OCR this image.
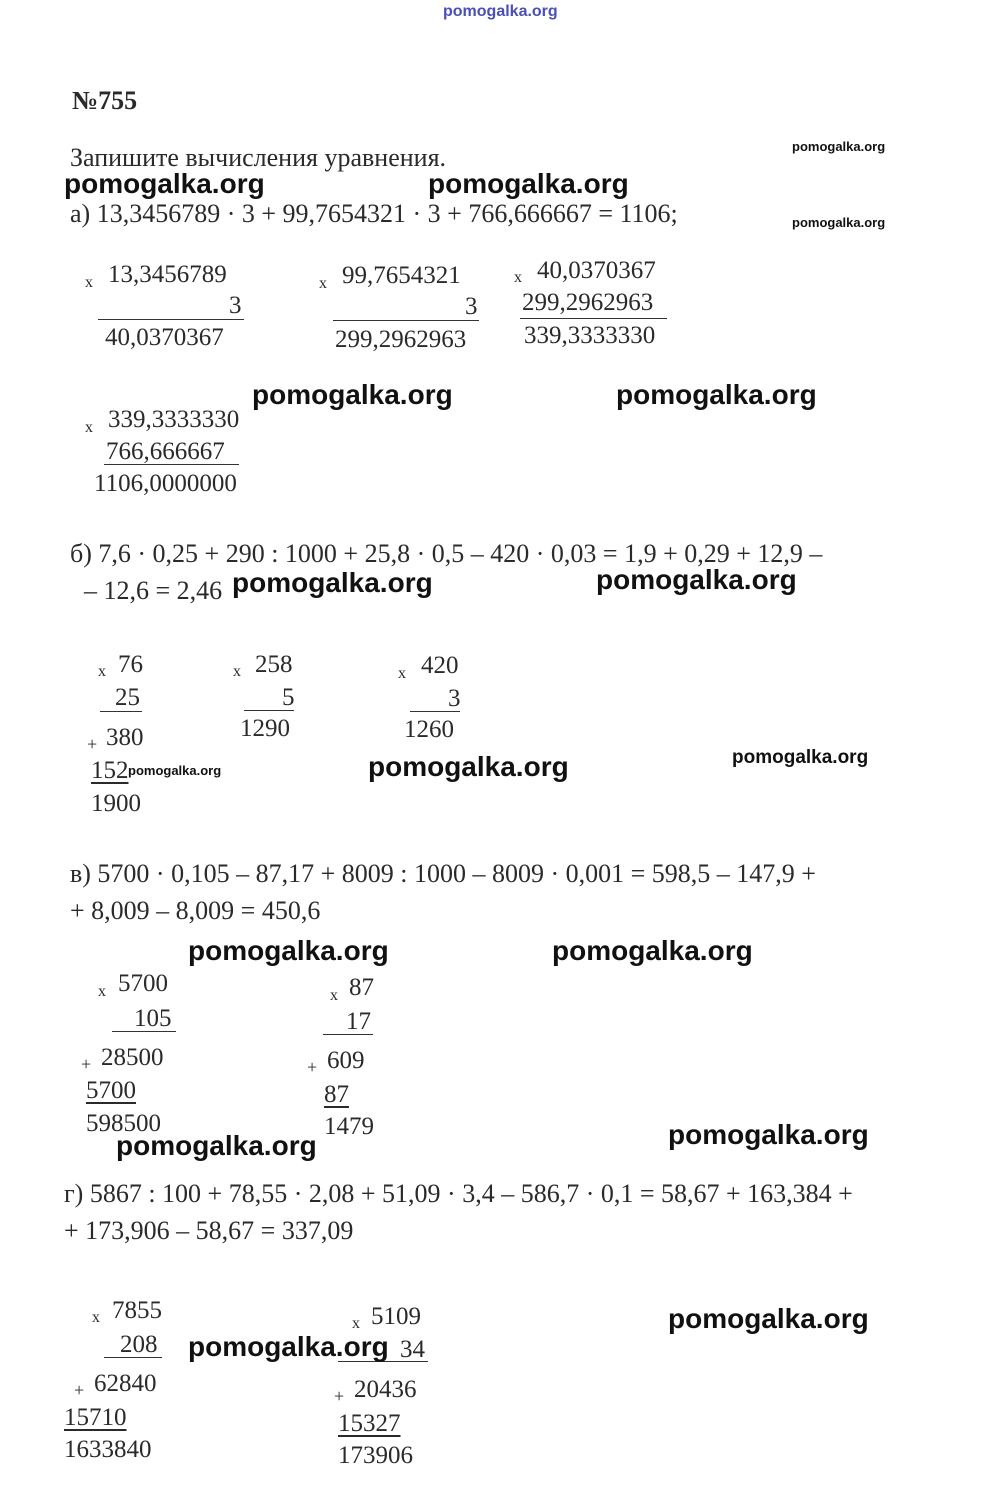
pomogalka.org
№755
Запишите вычисления уравнения.
а) 13,3456789 · 3 + 99,7654321 · 3 + 766,666667 = 1106;
x 13,3456789
3
40,0370367
x 99,7654321
3
299,2962963
x 40,0370367
299,2962963
339,3333330
x 339,3333330
766,666667
1106,0000000
б) 7,6 · 0,25 + 290 : 1000 + 25,8 · 0,5 – 420 · 0,03 = 1,9 + 0,29 + 12,9 –
– 12,6 = 2,46
x 76
25
+ 380
152
1900
x 258
5
1290
x 420
3
1260
в) 5700 · 0,105 – 87,17 + 8009 : 1000 – 8009 · 0,001 = 598,5 – 147,9 +
+ 8,009 – 8,009 = 450,6
x 5700
105
+ 28500
5700
598500
x 87
17
+ 609
87
1479
г) 5867 : 100 + 78,55 · 2,08 + 51,09 · 3,4 – 586,7 · 0,1 = 58,67 + 163,384 +
+ 173,906 – 58,67 = 337,09
x 7855
208
+ 62840
15710
1633840
x 5109
34
+ 20436
15327
173906
pomogalka.org
pomogalka.org	pomogalka.org
pomogalka.org
pomogalka.org	pomogalka.org
pomogalka.org	pomogalka.org
pomogalka.org
pomogalka.org
pomogalka.org
pomogalka.org	pomogalka.org
pomogalka.org	pomogalka.org
pomogalka.org
pomogalka.org
